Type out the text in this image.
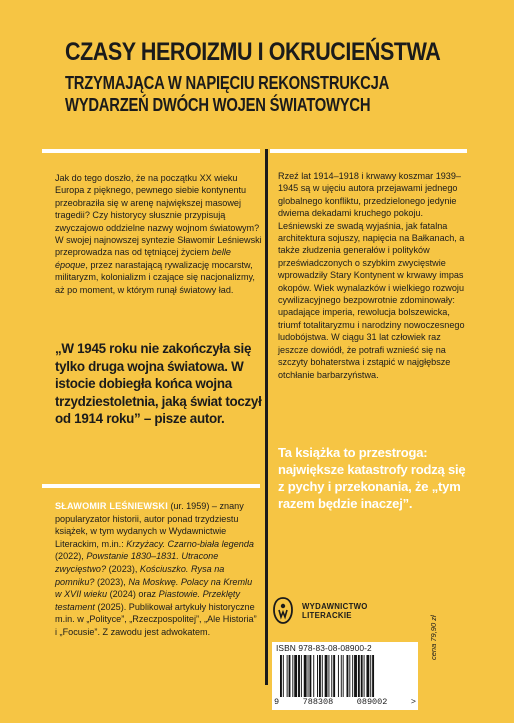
CZASY HEROIZMU I OKRUCIEŃSTWA
TRZYMAJĄCA W NAPIĘCIU REKONSTRUKCJA
WYDARZEŃ DWÓCH WOJEN ŚWIATOWYCH
Jak do tego doszło, że na początku XX wieku Europa z pięknego, pewnego siebie kontynentu przeobraziła się w arenę największej masowej tragedii? Czy historycy słusznie przypisują zwyczajowo oddzielne nazwy wojnom światowym? W swojej najnowszej syntezie Sławomir Leśniewski przeprowadza nas od tętniącej życiem belle époque, przez narastającą rywalizację mocarstw, militaryzm, kolonializm i czające się nacjonalizmy, aż po moment, w którym runął światowy ład.
„W 1945 roku nie zakończyła się tylko druga wojna światowa. W istocie dobiegła końca wojna trzydziestoletnia, jaką świat toczył od 1914 roku” – pisze autor.
Rzeź lat 1914–1918 i krwawy koszmar 1939–1945 są w ujęciu autora przejawami jednego globalnego konfliktu, przedzielonego jedynie dwiema dekadami kruchego pokoju. Leśniewski ze swadą wyjaśnia, jak fatalna architektura sojuszy, napięcia na Bałkanach, a także złudzenia generałów i polityków przeświadczonych o szybkim zwycięstwie wprowadziły Stary Kontynent w krwawy impas okopów. Wiek wynalazków i wielkiego rozwoju cywilizacyjnego bezpowrotnie zdominowały: upadające imperia, rewolucja bolszewicka, triumf totalitaryzmu i narodziny nowoczesnego ludobójstwa. W ciągu 31 lat człowiek raz jeszcze dowiódł, że potrafi wznieść się na szczyty bohaterstwa i zstąpić w najgłębsze otchłanie barbarzyństwa.
Ta książka to przestroga: największe katastrofy rodzą się z pychy i przekonania, że „tym razem będzie inaczej”.
SŁAWOMIR LEŚNIEWSKI (ur. 1959) – znany popularyzator historii, autor ponad trzydziestu książek, w tym wydanych w Wydawnictwie Literackim, m.in.: Krzyżacy. Czarno-biała legenda (2022), Powstanie 1830–1831. Utracone zwycięstwo? (2023), Kościuszko. Rysa na pomniku? (2023), Na Moskwę. Polacy na Kremlu w XVII wieku (2024) oraz Piastowie. Przeklęty testament (2025). Publikował artykuły historyczne m.in. w „Polityce”, „Rzeczpospolitej”, „Ale Historia” i „Focusie”. Z zawodu jest adwokatem.
WYDAWNICTWO
LITERACKIE
ISBN 978-83-08-08900-2
9	788308	089002	>
cena 79,90 zł
